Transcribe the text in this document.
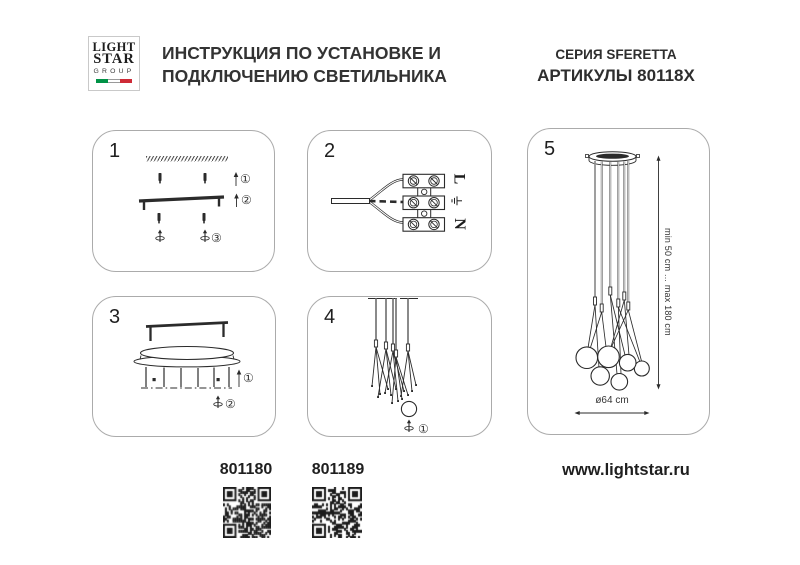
LIGHT
STAR
GROUP
ИНСТРУКЦИЯ ПО УСТАНОВКЕ И
ПОДКЛЮЧЕНИЮ СВЕТИЛЬНИКА
СЕРИЯ SFERETTA
АРТИКУЛЫ 80118X
1
①
②
③
2
L
N
3
①
②
4
①
5
min 50 cm ... max 180 cm
ø64 cm
801180	801189	www.lightstar.ru
